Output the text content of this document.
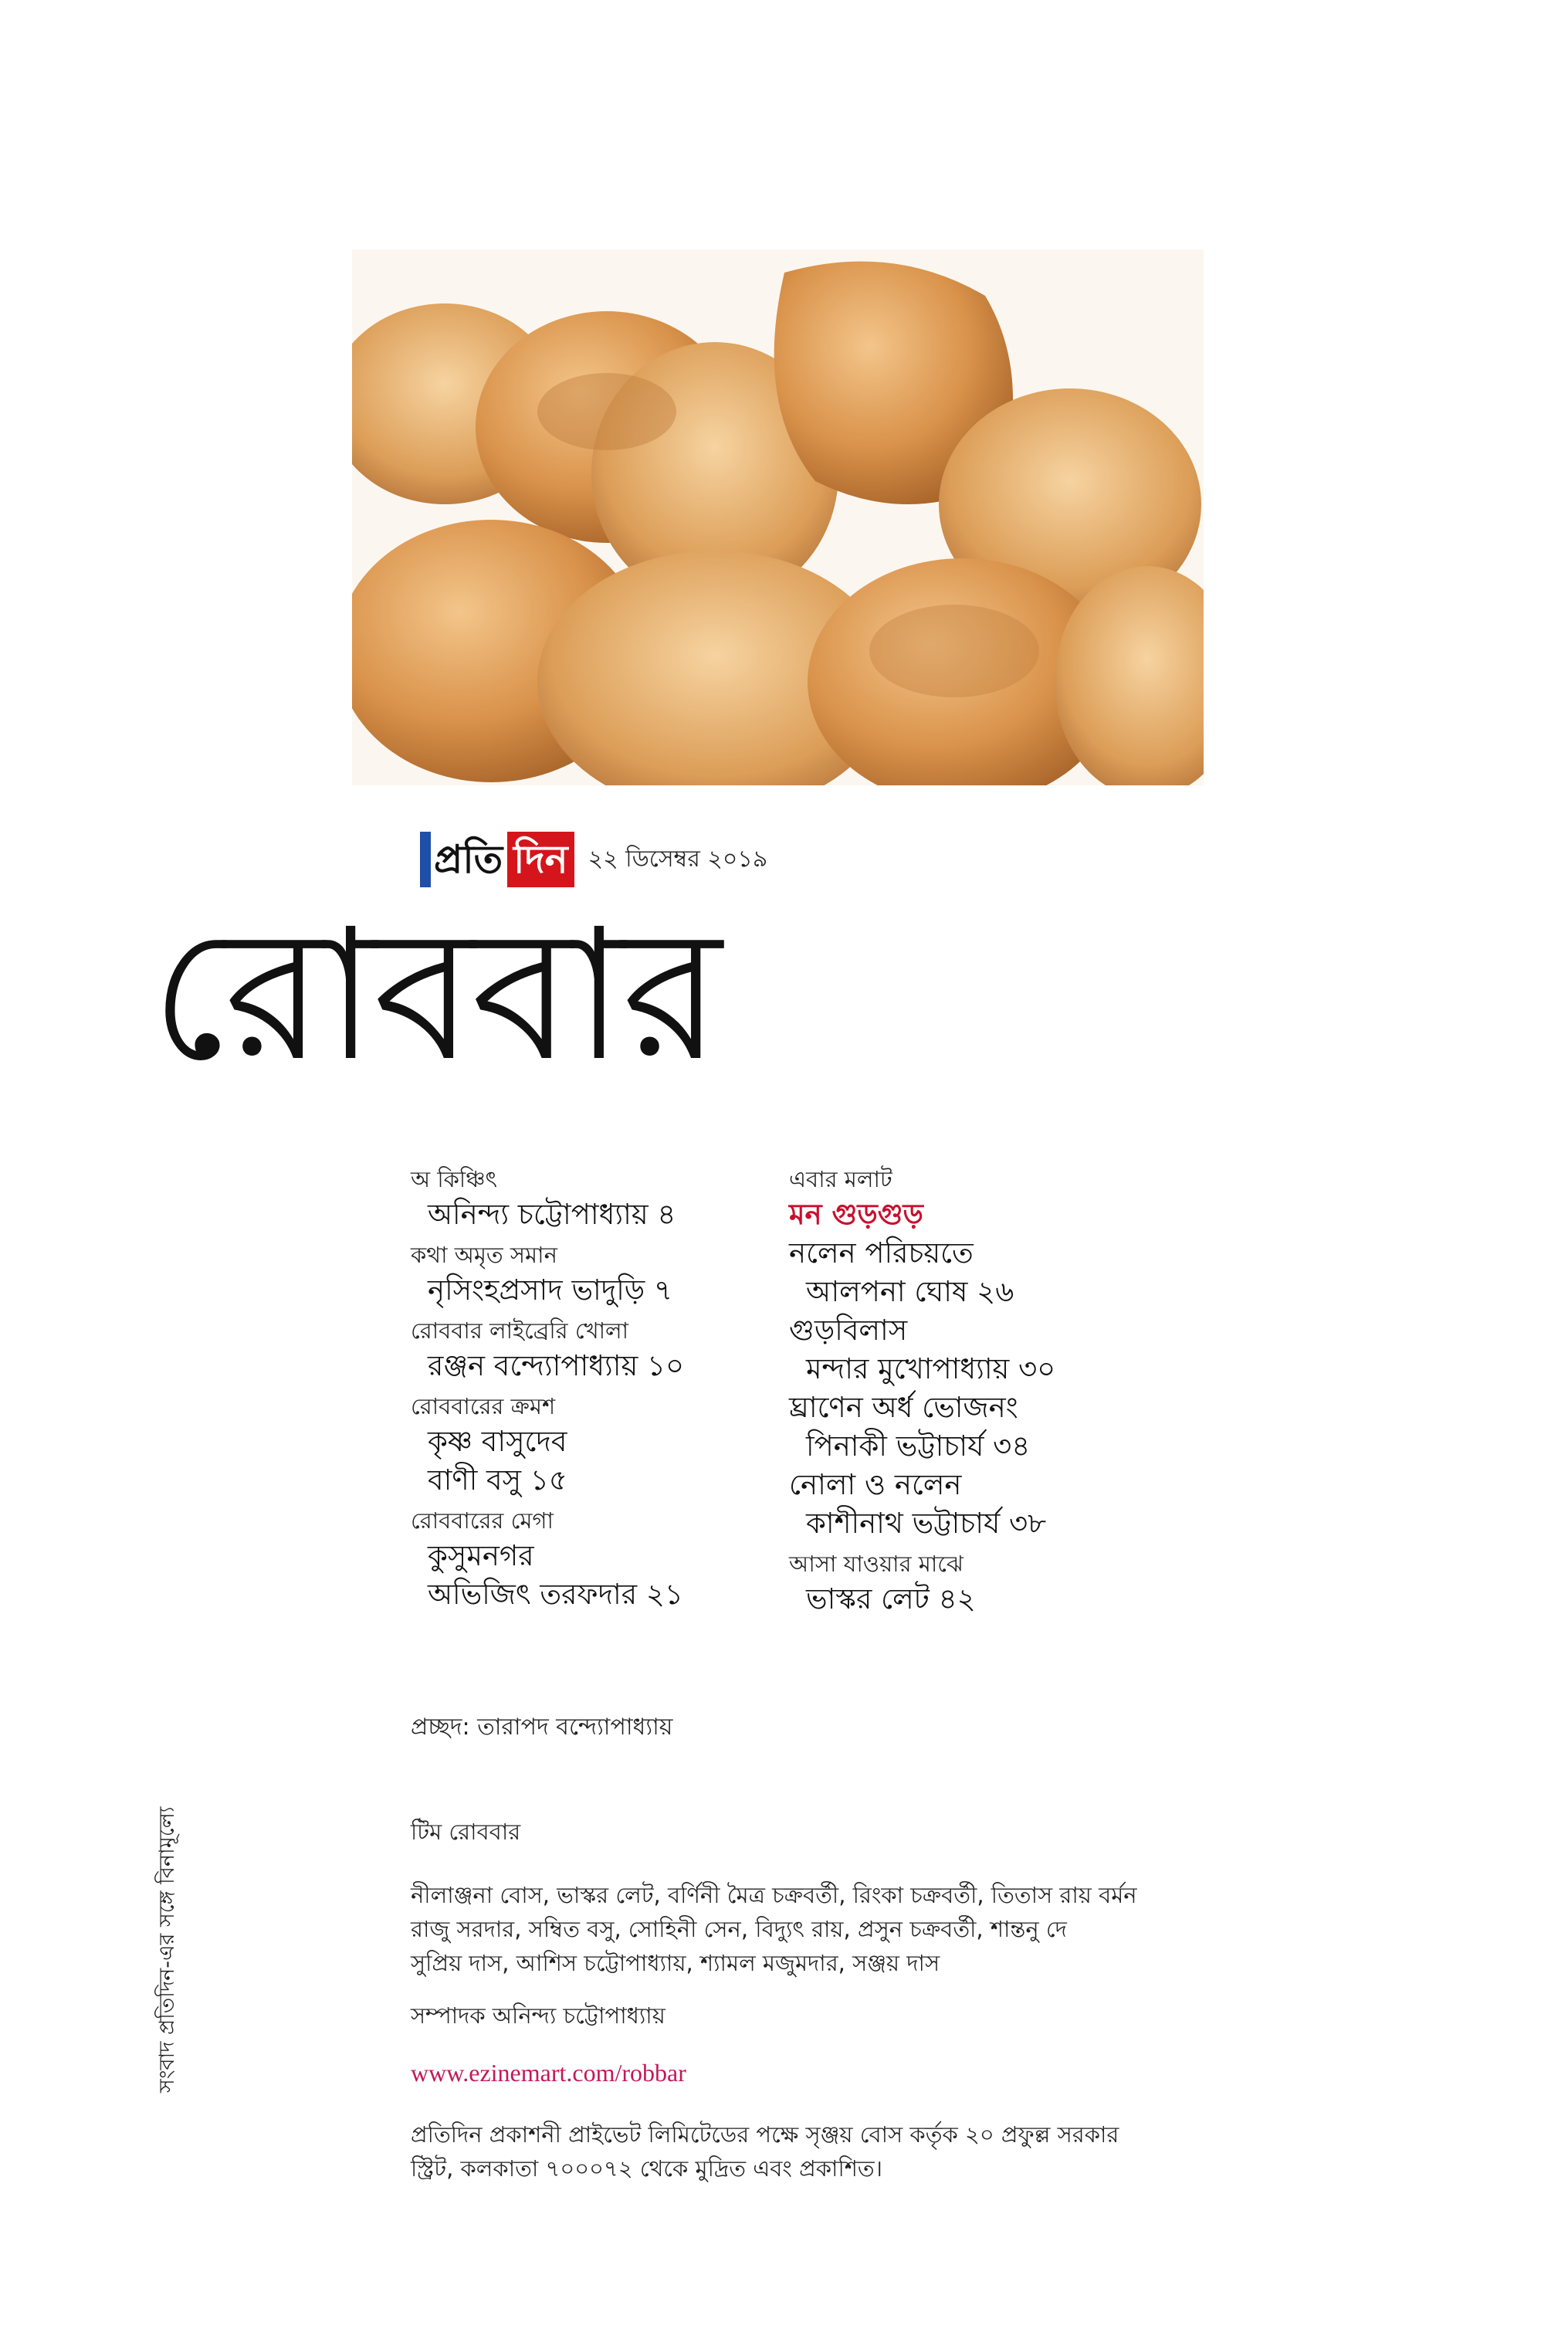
প্রতি দিন ২২ ডিসেম্বর ২০১৯
রোববার
অ কিঞ্চিৎ
অনিন্দ্য চট্টোপাধ্যায় ৪
কথা অমৃত সমান
নৃসিংহপ্রসাদ ভাদুড়ি ৭
রোববার লাইব্রেরি খোলা
রঞ্জন বন্দ্যোপাধ্যায় ১০
রোববারের ক্রমশ
কৃষ্ণ বাসুদেব
বাণী বসু ১৫
রোববারের মেগা
কুসুমনগর
অভিজিৎ তরফদার ২১
এবার মলাট
মন গুড়গুড়
নলেন পরিচয়তে
আলপনা ঘোষ ২৬
গুড়বিলাস
মন্দার মুখোপাধ্যায় ৩০
ঘ্রাণেন অর্ধ ভোজনং
পিনাকী ভট্টাচার্য ৩৪
নোলা ও নলেন
কাশীনাথ ভট্টাচার্য ৩৮
আসা যাওয়ার মাঝে
ভাস্কর লেট ৪২
প্রচ্ছদ: তারাপদ বন্দ্যোপাধ্যায়
টিম রোববার
নীলাঞ্জনা বোস, ভাস্কর লেট, বর্ণিনী মৈত্র চক্রবর্তী, রিংকা চক্রবর্তী, তিতাস রায় বর্মন
রাজু সরদার, সম্বিত বসু, সোহিনী সেন, বিদ্যুৎ রায়, প্রসুন চক্রবর্তী, শান্তনু দে
সুপ্রিয় দাস, আশিস চট্টোপাধ্যায়, শ্যামল মজুমদার, সঞ্জয় দাস
সম্পাদক অনিন্দ্য চট্টোপাধ্যায়
www.ezinemart.com/robbar
প্রতিদিন প্রকাশনী প্রাইভেট লিমিটেডের পক্ষে সৃঞ্জয় বোস কর্তৃক ২০ প্রফুল্ল সরকার
স্ট্রিট, কলকাতা ৭০০০৭২ থেকে মুদ্রিত এবং প্রকাশিত।
সংবাদ প্রতিদিন-এর সঙ্গে বিনামূল্যে
